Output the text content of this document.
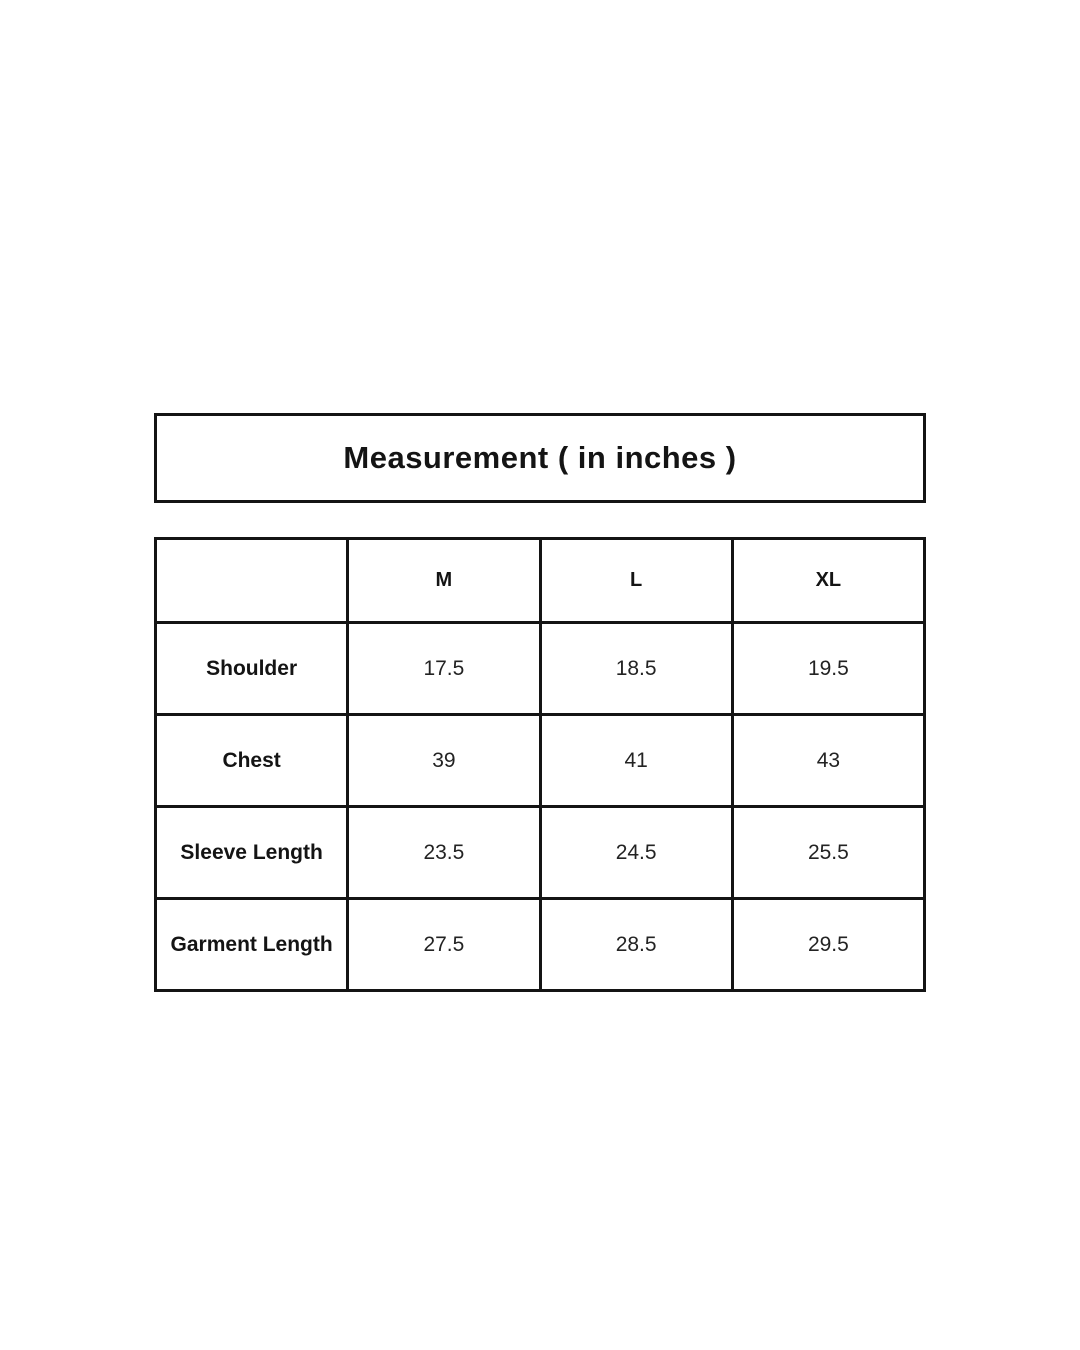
Measurement ( in inches )
	M	L	XL
Shoulder	17.5	18.5	19.5
Chest	39	41	43
Sleeve Length	23.5	24.5	25.5
Garment Length	27.5	28.5	29.5
